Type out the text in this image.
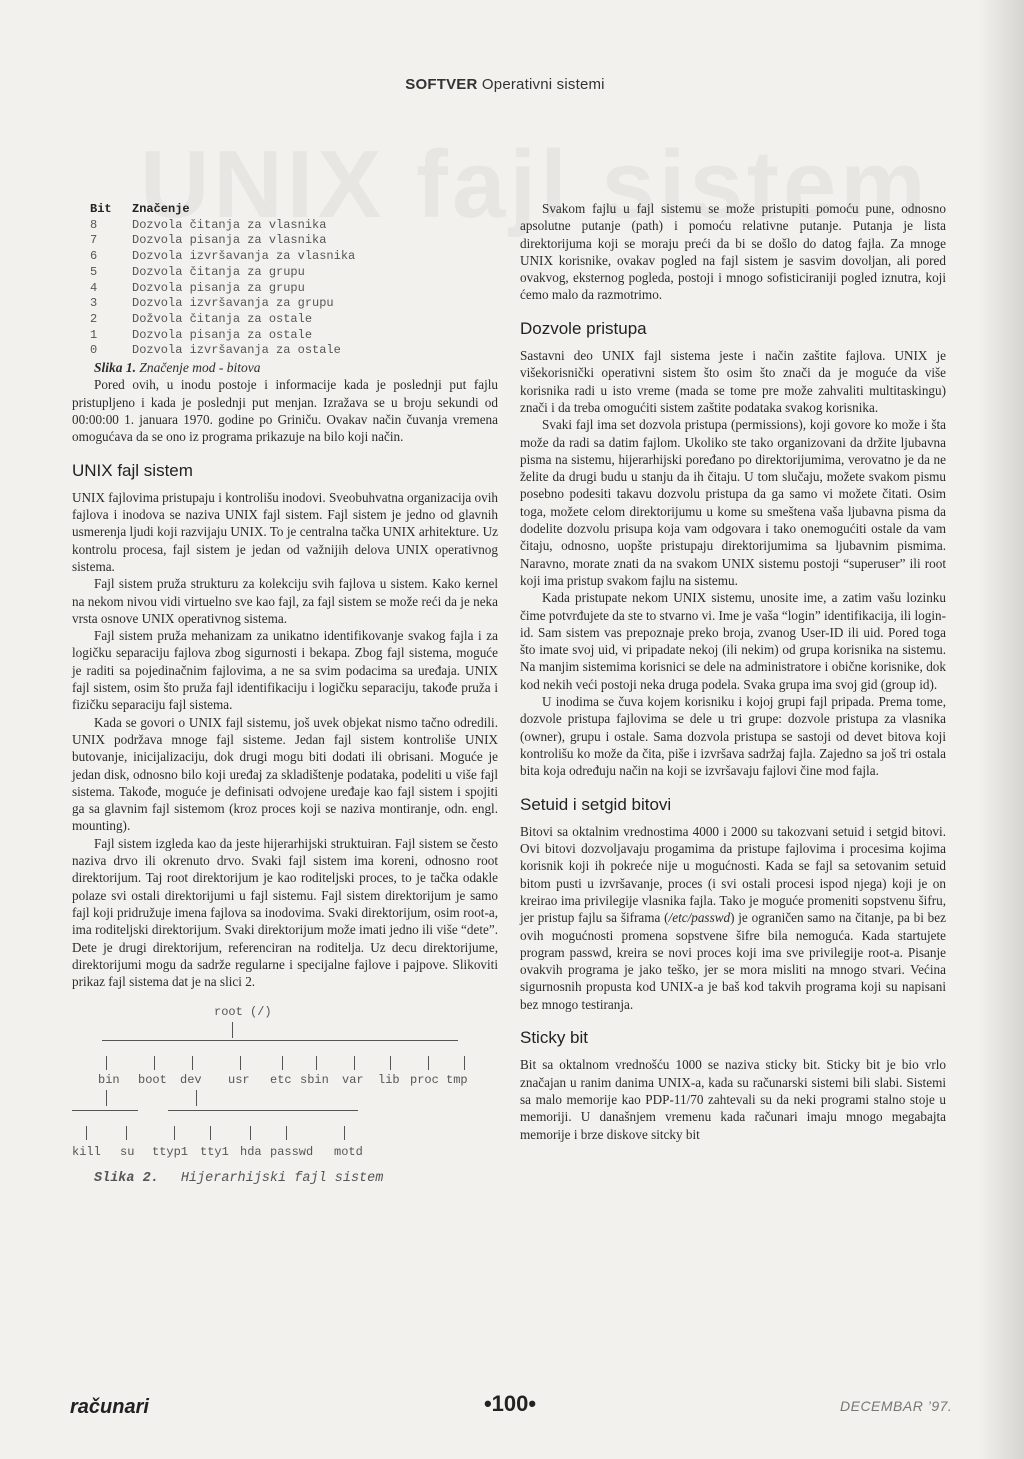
SOFTVER Operativni sistemi
Bit	Značenje
8	Dozvola čitanja za vlasnika
7	Dozvola pisanja za vlasnika
6	Dozvola izvršavanja za vlasnika
5	Dozvola čitanja za grupu
4	Dozvola pisanja za grupu
3	Dozvola izvršavanja za grupu
2	Dožvola čitanja za ostale
1	Dozvola pisanja za ostale
0	Dozvola izvršavanja za ostale

Slika 1. Značenje mod - bitova

Pored ovih, u inodu postoje i informacije kada je poslednji put fajlu pristupljeno i kada je poslednji put menjan. Izražava se u broju sekundi od 00:00:00 1. januara 1970. godine po Griniču. Ovakav način čuvanja vremena omogućava da se ono iz programa prikazuje na bilo koji način.

UNIX fajl sistem

UNIX fajlovima pristupaju i kontrolišu inodovi. Sveobuhvatna organizacija ovih fajlova i inodova se naziva UNIX fajl sistem. Fajl sistem je jedno od glavnih usmerenja ljudi koji razvijaju UNIX. To je centralna tačka UNIX arhitekture. Uz kontrolu procesa, fajl sistem je jedan od važnijih delova UNIX operativnog sistema.

Fajl sistem pruža strukturu za kolekciju svih fajlova u sistem. Kako kernel na nekom nivou vidi virtuelno sve kao fajl, za fajl sistem se može reći da je neka vrsta osnove UNIX operativnog sistema.

Fajl sistem pruža mehanizam za unikatno identifikovanje svakog fajla i za logičku separaciju fajlova zbog sigurnosti i bekapa. Zbog fajl sistema, moguće je raditi sa pojedinačnim fajlovima, a ne sa svim podacima sa uređaja. UNIX fajl sistem, osim što pruža fajl identifikaciju i logičku separaciju, takođe pruža i fizičku separaciju fajl sistema.

Kada se govori o UNIX fajl sistemu, još uvek objekat nismo tačno odredili. UNIX podržava mnoge fajl sisteme. Jedan fajl sistem kontroliše UNIX butovanje, inicijalizaciju, dok drugi mogu biti dodati ili obrisani. Moguće je jedan disk, odnosno bilo koji uređaj za skladištenje podataka, podeliti u više fajl sistema. Takođe, moguće je definisati odvojene uređaje kao fajl sistem i spojiti ga sa glavnim fajl sistemom (kroz proces koji se naziva montiranje, odn. engl. mounting).

Fajl sistem izgleda kao da jeste hijerarhijski struktuiran. Fajl sistem se često naziva drvo ili okrenuto drvo. Svaki fajl sistem ima koreni, odnosno root direktorijum. Taj root direktorijum je kao roditeljski proces, to je tačka odakle polaze svi ostali direktorijumi u fajl sistemu. Fajl sistem direktorijum je samo fajl koji pridružuje imena fajlova sa inodovima. Svaki direktorijum, osim root-a, ima roditeljski direktorijum. Svaki direktorijum može imati jedno ili više “dete”. Dete je drugi direktorijum, referenciran na roditelja. Uz decu direktorijume, direktorijumi mogu da sadrže regularne i specijalne fajlove i pajpove. Slikoviti prikaz fajl sistema dat je na slici 2.

root (/)
bin boot dev usr etc sbin var lib proc tmp
kill su ttyp1 tty1 hda passwd motd

Slika 2.	Hijerarhijski fajl sistem

Svakom fajlu u fajl sistemu se može pristupiti pomoću pune, odnosno apsolutne putanje (path) i pomoću relativne putanje. Putanja je lista direktorijuma koji se moraju preći da bi se došlo do datog fajla. Za mnoge UNIX korisnike, ovakav pogled na fajl sistem je sasvim dovoljan, ali pored ovakvog, eksternog pogleda, postoji i mnogo sofisticiraniji pogled iznutra, koji ćemo malo da razmotrimo.

Dozvole pristupa

Sastavni deo UNIX fajl sistema jeste i način zaštite fajlova. UNIX je višekorisnički operativni sistem što osim što znači da je moguće da više korisnika radi u isto vreme (mada se tome pre može zahvaliti multitaskingu) znači i da treba omogućiti sistem zaštite podataka svakog korisnika.

Svaki fajl ima set dozvola pristupa (permissions), koji govore ko može i šta može da radi sa datim fajlom. Ukoliko ste tako organizovani da držite ljubavna pisma na sistemu, hijerarhijski poređano po direktorijumima, verovatno je da ne želite da drugi budu u stanju da ih čitaju. U tom slučaju, možete svakom pismu posebno podesiti takavu dozvolu pristupa da ga samo vi možete čitati. Osim toga, možete celom direktorijumu u kome su smeštena vaša ljubavna pisma da dodelite dozvolu prisupa koja vam odgovara i tako onemogućiti ostale da vam čitaju, odnosno, uopšte pristupaju direktorijumima sa ljubavnim pismima. Naravno, morate znati da na svakom UNIX sistemu postoji “superuser” ili root koji ima pristup svakom fajlu na sistemu.

Kada pristupate nekom UNIX sistemu, unosite ime, a zatim vašu lozinku čime potvrđujete da ste to stvarno vi. Ime je vaša “login” identifikacija, ili login-id. Sam sistem vas prepoznaje preko broja, zvanog User-ID ili uid. Pored toga što imate svoj uid, vi pripadate nekoj (ili nekim) od grupa korisnika na sistemu. Na manjim sistemima korisnici se dele na administratore i obične korisnike, dok kod nekih veći postoji neka druga podela. Svaka grupa ima svoj gid (group id).

U inodima se čuva kojem korisniku i kojoj grupi fajl pripada. Prema tome, dozvole pristupa fajlovima se dele u tri grupe: dozvole pristupa za vlasnika (owner), grupu i ostale. Sama dozvola pristupa se sastoji od devet bitova koji kontrolišu ko može da čita, piše i izvršava sadržaj fajla. Zajedno sa još tri ostala bita koja određuju način na koji se izvršavaju fajlovi čine mod fajla.

Setuid i setgid bitovi

Bitovi sa oktalnim vrednostima 4000 i 2000 su takozvani setuid i setgid bitovi. Ovi bitovi dozvoljavaju progamima da pristupe fajlovima i procesima kojima korisnik koji ih pokreće nije u mogućnosti. Kada se fajl sa setovanim setuid bitom pusti u izvršavanje, proces (i svi ostali procesi ispod njega) koji je on kreirao ima privilegije vlasnika fajla. Tako je moguće promeniti sopstvenu šifru, jer pristup fajlu sa šiframa (/etc/passwd) je ograničen samo na čitanje, pa bi bez ovih mogućnosti promena sopstvene šifre bila nemoguća. Kada startujete program passwd, kreira se novi proces koji ima sve privilegije root-a. Pisanje ovakvih programa je jako teško, jer se mora misliti na mnogo stvari. Većina sigurnosnih propusta kod UNIX-a je baš kod takvih programa koji su napisani bez mnogo testiranja.

Sticky bit

Bit sa oktalnom vrednošću 1000 se naziva sticky bit. Sticky bit je bio vrlo značajan u ranim danima UNIX-a, kada su računarski sistemi bili slabi. Sistemi sa malo memorije kao PDP-11/70 zahtevali su da neki programi stalno stoje u memoriji. U današnjem vremenu kada računari imaju mnogo megabajta memorije i brze diskove sitcky bit

računari	•100•	DECEMBAR ’97.
